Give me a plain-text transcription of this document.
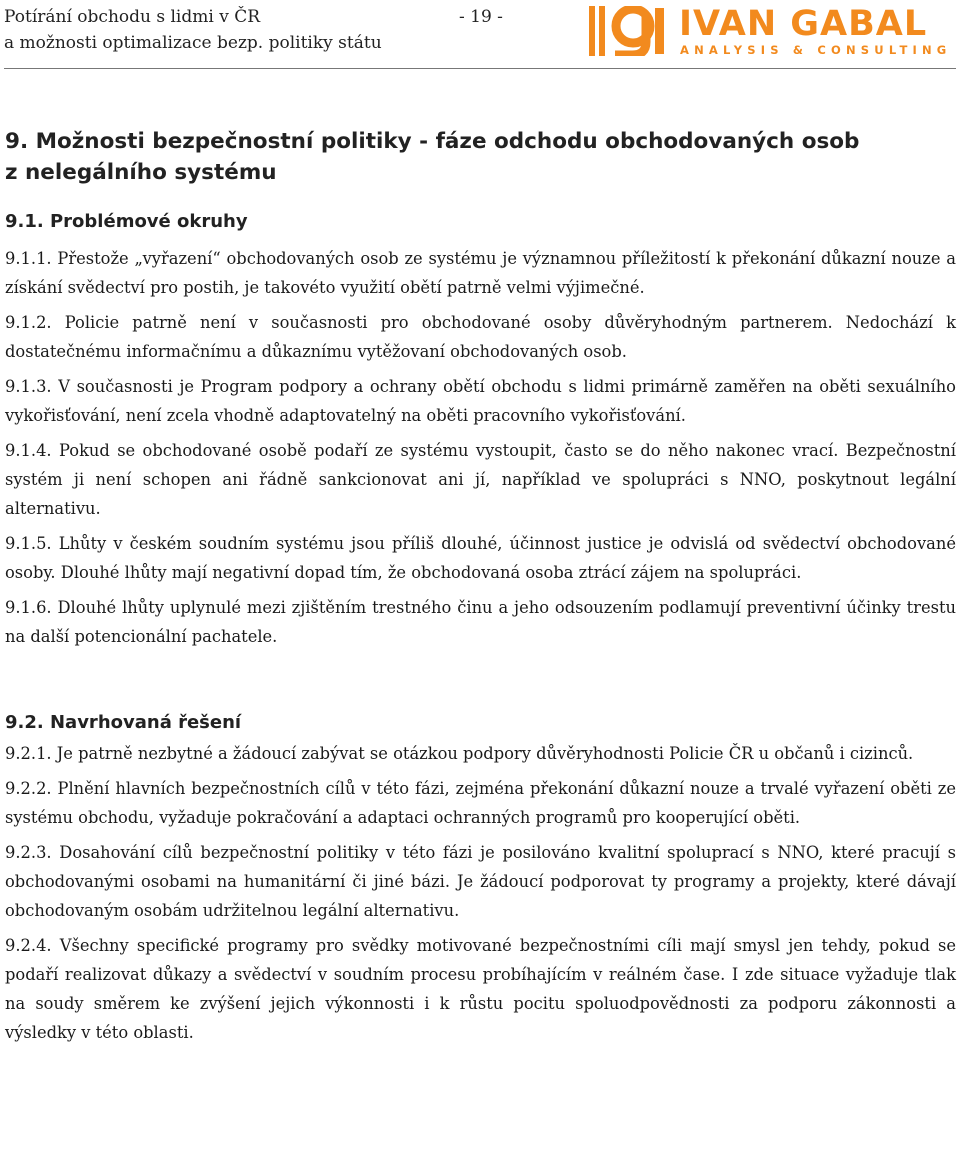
Potírání obchodu s lidmi v ČR
a možnosti optimalizace bezp. politiky státu
- 19 -	IVAN GABAL
ANALYSIS & CONSULTING
9. Možnosti bezpečnostní politiky - fáze odchodu obchodovaných osob
z nelegálního systému
9.1. Problémové okruhy

9.1.1. Přestože „vyřazení“ obchodovaných osob ze systému je významnou příležitostí k překonání důkazní nouze a získání svědectví pro postih, je takovéto využití obětí patrně velmi výjimečné.

9.1.2. Policie patrně není v současnosti pro obchodované osoby důvěryhodným partnerem. Nedochází k dostatečnému informačnímu a důkaznímu vytěžovaní obchodovaných osob.

9.1.3. V současnosti je Program podpory a ochrany obětí obchodu s lidmi primárně zaměřen na oběti sexuálního vykořisťování, není zcela vhodně adaptovatelný na oběti pracovního vykořisťování.

9.1.4. Pokud se obchodované osobě podaří ze systému vystoupit, často se do něho nakonec vrací. Bezpečnostní systém ji není schopen ani řádně sankcionovat ani jí, například ve spolupráci s NNO, poskytnout legální alternativu.

9.1.5. Lhůty v českém soudním systému jsou příliš dlouhé, účinnost justice je odvislá od svědectví obchodované osoby. Dlouhé lhůty mají negativní dopad tím, že obchodovaná osoba ztrácí zájem na spolupráci.

9.1.6. Dlouhé lhůty uplynulé mezi zjištěním trestného činu a jeho odsouzením podlamují preventivní účinky trestu na další potencionální pachatele.

9.2. Navrhovaná řešení

9.2.1. Je patrně nezbytné a žádoucí zabývat se otázkou podpory důvěryhodnosti Policie ČR u občanů i cizinců.

9.2.2. Plnění hlavních bezpečnostních cílů v této fázi, zejména překonání důkazní nouze a trvalé vyřazení oběti ze systému obchodu, vyžaduje pokračování a adaptaci ochranných programů pro kooperující oběti.

9.2.3. Dosahování cílů bezpečnostní politiky v této fázi je posilováno kvalitní spoluprací s NNO, které pracují s obchodovanými osobami na humanitární či jiné bázi. Je žádoucí podporovat ty programy a projekty, které dávají obchodovaným osobám udržitelnou legální alternativu.

9.2.4. Všechny specifické programy pro svědky motivované bezpečnostními cíli mají smysl jen tehdy, pokud se podaří realizovat důkazy a svědectví v soudním procesu probíhajícím v reálném čase. I zde situace vyžaduje tlak na soudy směrem ke zvýšení jejich výkonnosti i k růstu pocitu spoluodpovědnosti za podporu zákonnosti a výsledky v této oblasti.
